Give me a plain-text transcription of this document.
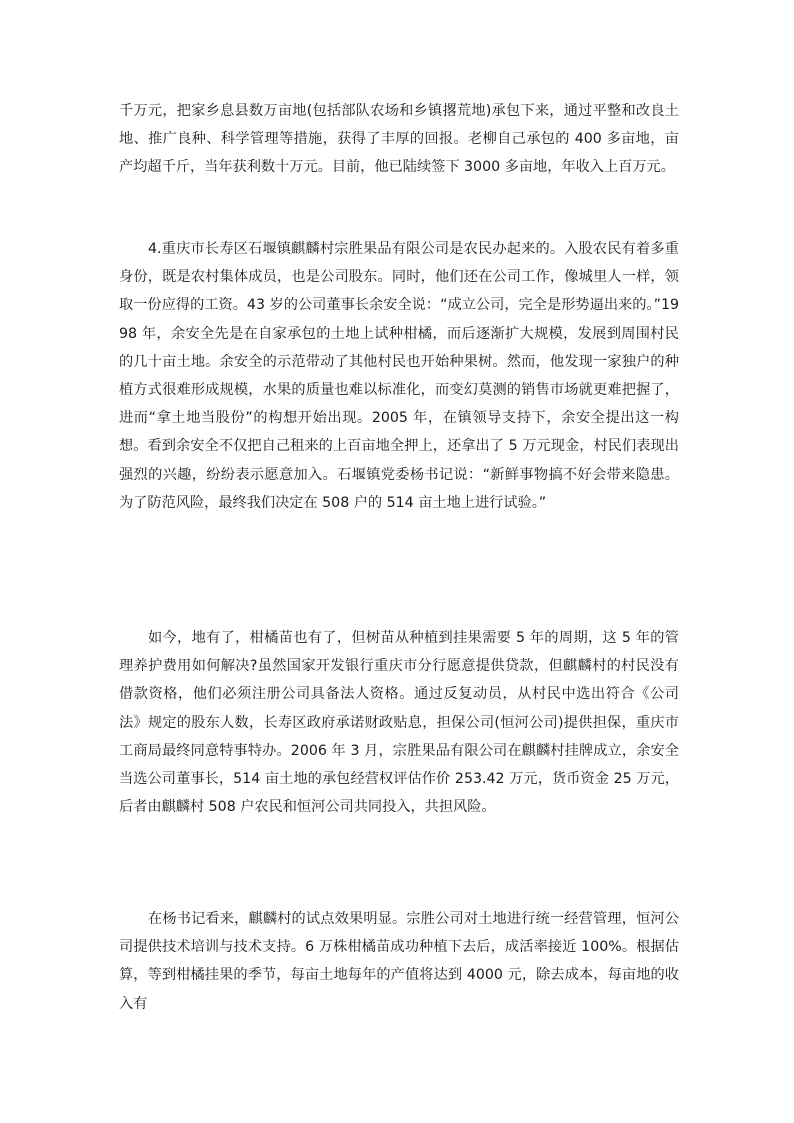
千万元，把家乡息县数万亩地(包括部队农场和乡镇撂荒地)承包下来，通过平整和改良土地、推广良种、科学管理等措施，获得了丰厚的回报。老柳自己承包的 400 多亩地，亩产均超千斤，当年获利数十万元。目前，他已陆续签下 3000 多亩地，年收入上百万元。

4.重庆市长寿区石堰镇麒麟村宗胜果品有限公司是农民办起来的。入股农民有着多重身份，既是农村集体成员，也是公司股东。同时，他们还在公司工作，像城里人一样，领取一份应得的工资。43 岁的公司董事长余安全说：“成立公司，完全是形势逼出来的。”1998 年，余安全先是在自家承包的土地上试种柑橘，而后逐渐扩大规模，发展到周围村民的几十亩土地。余安全的示范带动了其他村民也开始种果树。然而，他发现一家独户的种植方式很难形成规模，水果的质量也难以标准化，而变幻莫测的销售市场就更难把握了，进而“拿土地当股份”的构想开始出现。2005 年，在镇领导支持下，余安全提出这一构想。看到余安全不仅把自己租来的上百亩地全押上，还拿出了 5 万元现金，村民们表现出强烈的兴趣，纷纷表示愿意加入。石堰镇党委杨书记说：“新鲜事物搞不好会带来隐患。为了防范风险，最终我们决定在 508 户的 514 亩土地上进行试验。”

如今，地有了，柑橘苗也有了，但树苗从种植到挂果需要 5 年的周期，这 5 年的管理养护费用如何解决?虽然国家开发银行重庆市分行愿意提供贷款，但麒麟村的村民没有借款资格，他们必须注册公司具备法人资格。通过反复动员，从村民中选出符合《公司法》规定的股东人数，长寿区政府承诺财政贴息，担保公司(恒河公司)提供担保，重庆市工商局最终同意特事特办。2006 年 3 月，宗胜果品有限公司在麒麟村挂牌成立，余安全当选公司董事长，514 亩土地的承包经营权评估作价 253.42 万元，货币资金 25 万元，后者由麒麟村 508 户农民和恒河公司共同投入，共担风险。

在杨书记看来，麒麟村的试点效果明显。宗胜公司对土地进行统一经营管理，恒河公司提供技术培训与技术支持。6 万株柑橘苗成功种植下去后，成活率接近 100%。根据估算，等到柑橘挂果的季节，每亩土地每年的产值将达到 4000 元，除去成本，每亩地的收入有
